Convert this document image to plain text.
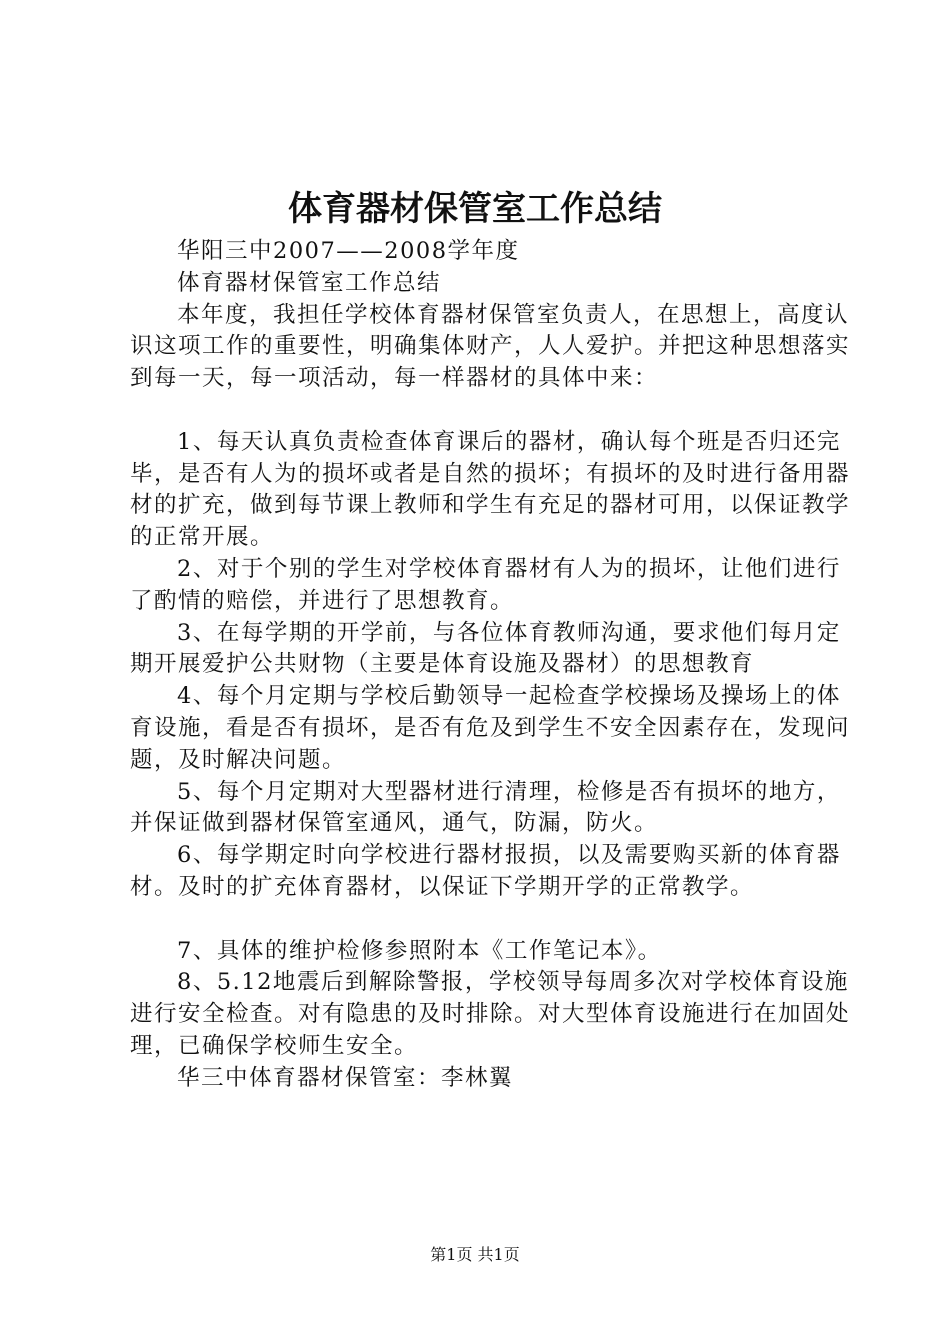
体育器材保管室工作总结

华阳三中2007——2008学年度

体育器材保管室工作总结

本年度，我担任学校体育器材保管室负责人，在思想上，高度认识这项工作的重要性，明确集体财产，人人爱护。并把这种思想落实到每一天，每一项活动，每一样器材的具体中来：

1、每天认真负责检查体育课后的器材，确认每个班是否归还完毕，是否有人为的损坏或者是自然的损坏；有损坏的及时进行备用器材的扩充，做到每节课上教师和学生有充足的器材可用，以保证教学的正常开展。

2、对于个别的学生对学校体育器材有人为的损坏，让他们进行了酌情的赔偿，并进行了思想教育。

3、在每学期的开学前，与各位体育教师沟通，要求他们每月定期开展爱护公共财物（主要是体育设施及器材）的思想教育

4、每个月定期与学校后勤领导一起检查学校操场及操场上的体育设施，看是否有损坏，是否有危及到学生不安全因素存在，发现问题，及时解决问题。

5、每个月定期对大型器材进行清理，检修是否有损坏的地方，并保证做到器材保管室通风，通气，防漏，防火。

6、每学期定时向学校进行器材报损，以及需要购买新的体育器材。及时的扩充体育器材，以保证下学期开学的正常教学。

7、具体的维护检修参照附本《工作笔记本》。

8、5.12地震后到解除警报，学校领导每周多次对学校体育设施进行安全检查。对有隐患的及时排除。对大型体育设施进行在加固处理，已确保学校师生安全。

华三中体育器材保管室：李林翼

第1页 共1页
